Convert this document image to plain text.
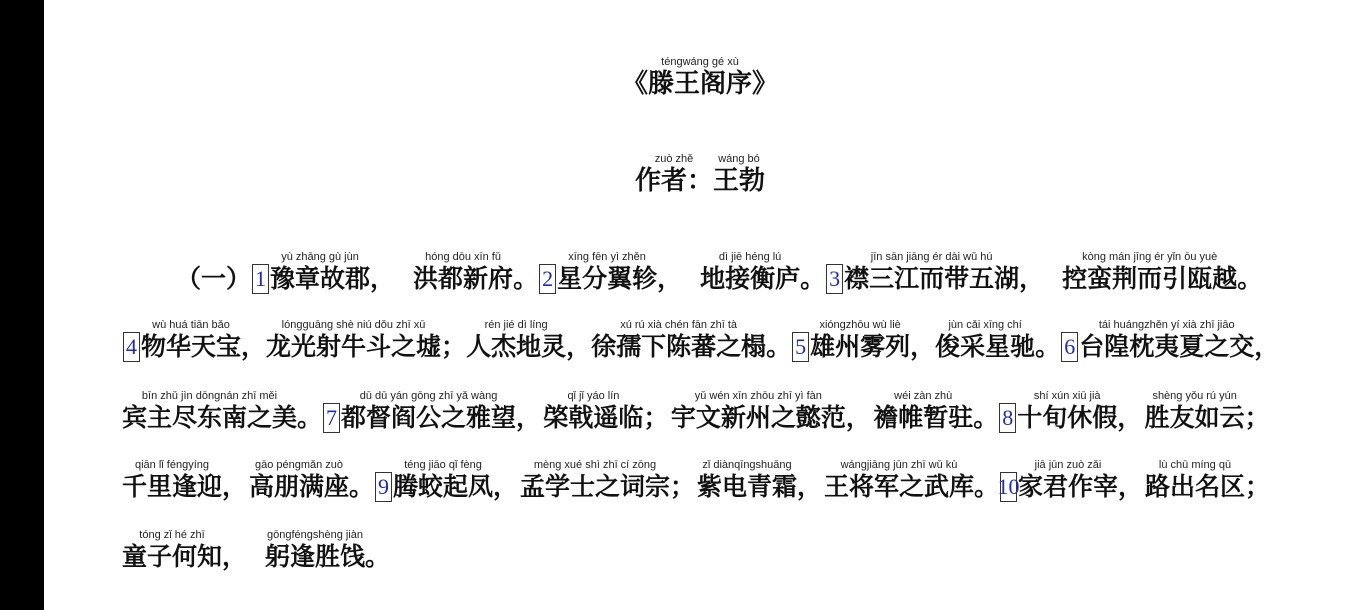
《
téngwáng gé xù
滕王阁序 》
zuò zhě
作者：
wáng bó
王勃
（一） 1
yù zhāng gù jùn
豫章故郡 ，
hóng dōu xīn fǔ
洪都新府 。 2
xīng fēn yì zhěn
星分翼轸 ，
dì jiē héng lú
地接衡庐 。 3
jīn sān jiāng ér dài wǔ hú
襟三江而带五湖 ，
kòng mán jīng ér yǐn ōu yuè
控蛮荆而引瓯越 。
4
wù huá tiān bǎo
物华天宝 ，
lóngguāng shè niú dǒu zhī xū
龙光射牛斗之墟 ；
rén jié dì líng
人杰地灵 ，
xú rú xià chén fān zhī tà
徐孺下陈蕃之榻 。 5
xióngzhōu wù liè
雄州雾列 ，
jùn cǎi xīng chí
俊采星驰 。 6
tái huángzhěn yí xià zhī jiāo
台隍枕夷夏之交 ，
bīn zhǔ jìn dōngnán zhī měi
宾主尽东南之美 。 7
dū dū yán gōng zhī yǎ wàng
都督阎公之雅望 ，
qǐ jǐ yáo lín
棨戟遥临 ；
yǔ wén xīn zhōu zhī yì fàn
宇文新州之懿范 ，
wéi zàn zhù
襜帷暂驻 。 8
shí xún xiū jià
十旬休假 ，
shèng yǒu rú yún
胜友如云 ；
qiān lǐ féngyíng
千里逢迎 ，
gāo péngmǎn zuò
高朋满座 。 9
téng jiāo qǐ fèng
腾蛟起凤 ，
mèng xué shì zhī cí zōng
孟学士之词宗 ；
zǐ diànqīngshuāng
紫电青霜 ，
wángjiāng jūn zhī wǔ kù
王将军之武库 。
10
jiā jūn zuò zǎi
家君作宰 ，
lù chū míng qū
路出名区 ；
tóng zǐ hé zhī
童子何知 ，
gōngféngshèng jiàn
躬逢胜饯 。
